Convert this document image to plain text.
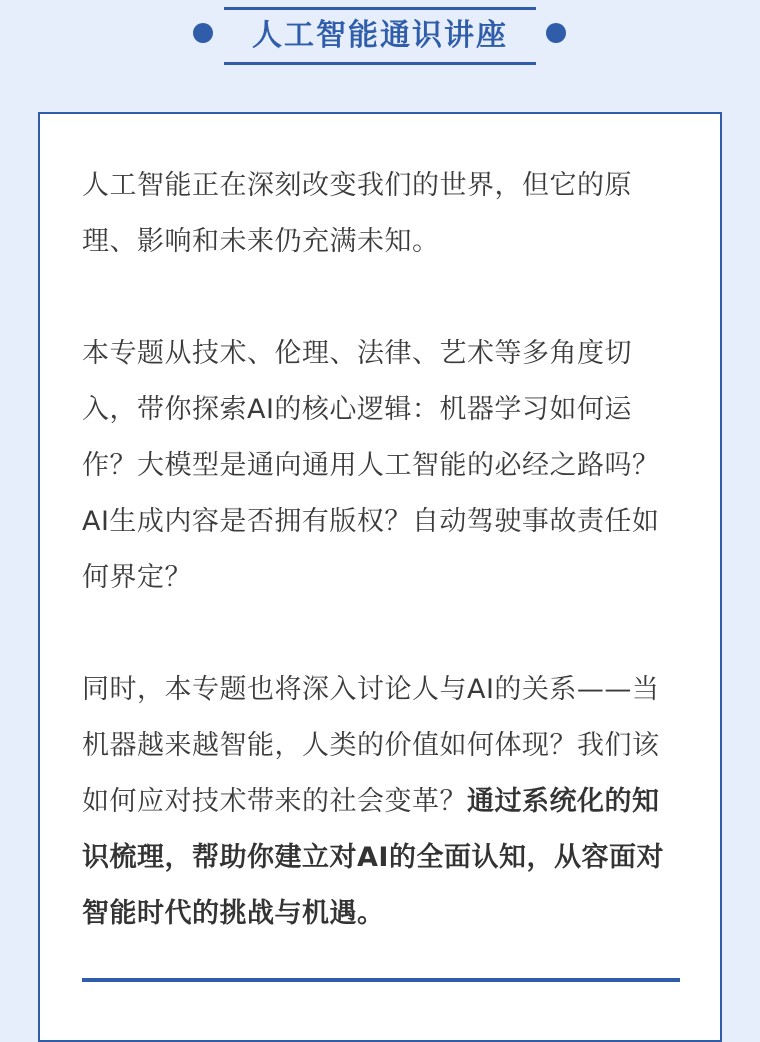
人工智能通识讲座

人工智能正在深刻改变我们的世界，但它的原理、影响和未来仍充满未知。

本专题从技术、伦理、法律、艺术等多角度切入，带你探索AI的核心逻辑：机器学习如何运作？大模型是通向通用人工智能的必经之路吗？AI生成内容是否拥有版权？自动驾驶事故责任如何界定？

同时，本专题也将深入讨论人与AI的关系——当机器越来越智能，人类的价值如何体现？我们该如何应对技术带来的社会变革？通过系统化的知识梳理，帮助你建立对AI的全面认知，从容面对智能时代的挑战与机遇。
